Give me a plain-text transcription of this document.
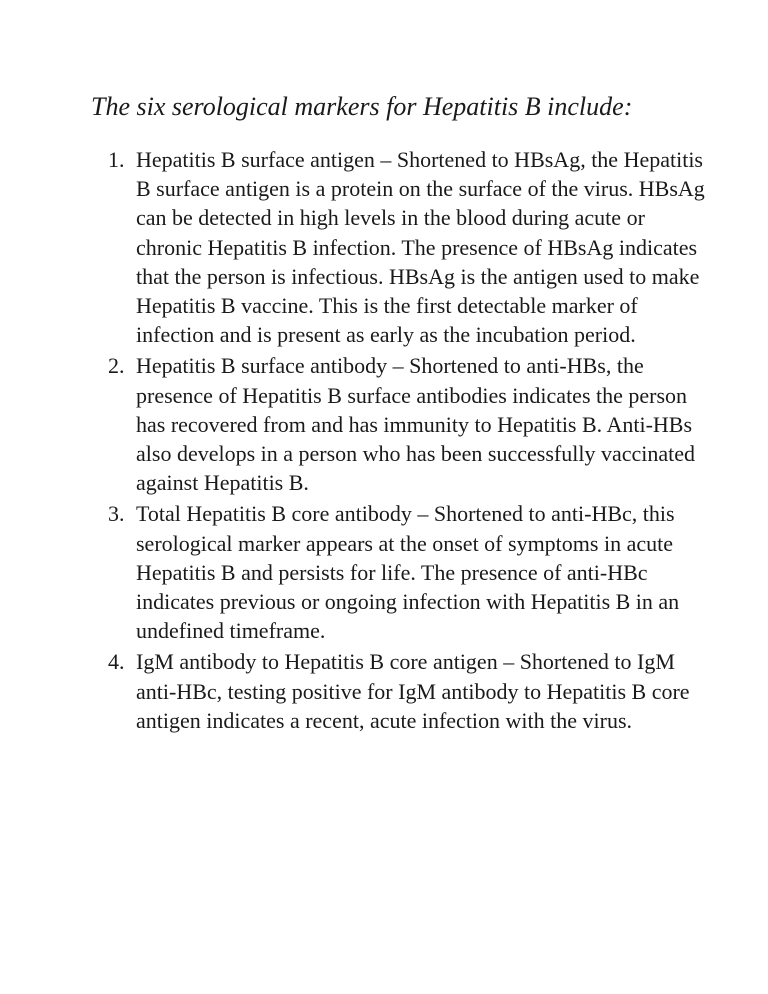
The six serological markers for Hepatitis B include:
1. Hepatitis B surface antigen – Shortened to HBsAg, the Hepatitis B surface antigen is a protein on the surface of the virus. HBsAg can be detected in high levels in the blood during acute or chronic Hepatitis B infection. The presence of HBsAg indicates that the person is infectious. HBsAg is the antigen used to make Hepatitis B vaccine. This is the first detectable marker of infection and is present as early as the incubation period.
2. Hepatitis B surface antibody – Shortened to anti-HBs, the presence of Hepatitis B surface antibodies indicates the person has recovered from and has immunity to Hepatitis B. Anti-HBs also develops in a person who has been successfully vaccinated against Hepatitis B.
3. Total Hepatitis B core antibody – Shortened to anti-HBc, this serological marker appears at the onset of symptoms in acute Hepatitis B and persists for life. The presence of anti-HBc indicates previous or ongoing infection with Hepatitis B in an undefined timeframe.
4. IgM antibody to Hepatitis B core antigen – Shortened to IgM anti-HBc, testing positive for IgM antibody to Hepatitis B core antigen indicates a recent, acute infection with the virus.
